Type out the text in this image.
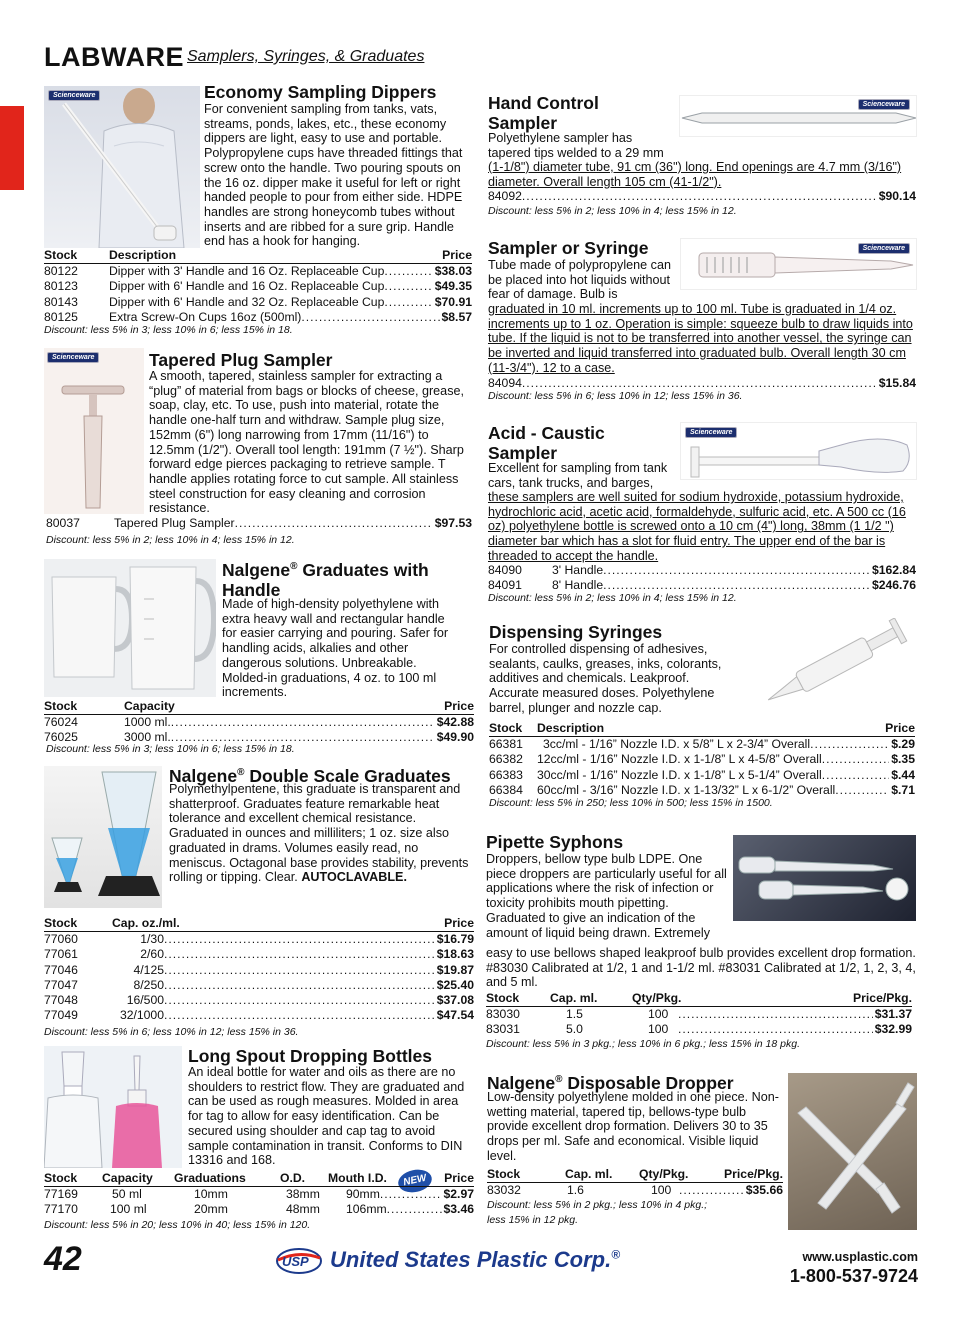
LABWARE Samplers, Syringes, & Graduates
Scienceware	Economy Sampling Dippers

For convenient sampling from tanks, vats, streams, ponds, lakes, etc., these economy dippers are light, easy to use and portable. Polypropylene cups have threaded fittings that screw onto the handle. Two pouring spouts on the 16 oz. dipper make it useful for left or right handed people to pour from either side. HDPE handles are strong honeycomb tubes without inserts and are ribbed for a sure grip. Handle end has a hook for hanging.

Stock	Description	Price
80122	Dipper with 3' Handle and 16 Oz. Replaceable Cup .....	$38.03
80123	Dipper with 6' Handle and 16 Oz. Replaceable Cup .....	$49.35
80143	Dipper with 6' Handle and 32 Oz. Replaceable Cup .....	$70.91
80125	Extra Screw-On Cups 16oz (500ml) .....	$8.57
Discount: less 5% in 3; less 10% in 6; less 15% in 18.
Scienceware	Tapered Plug Sampler

A smooth, tapered, stainless sampler for extracting a “plug” of material from bags or blocks of cheese, grease, soap, clay, etc. To use, push into material, rotate the handle one-half turn and withdraw. Sample plug size, 152mm (6") long narrowing from 17mm (11/16") to 12.5mm (1/2"). Overall tool length: 191mm (7 ½"). Sharp forward edge pierces packaging to retrieve sample. T handle applies rotating force to cut sample. All stainless steel construction for easy cleaning and corrosion resistance.

80037	Tapered Plug Sampler .....	$97.53
Discount: less 5% in 2; less 10% in 4; less 15% in 12.
Nalgene® Graduates with Handle

Made of high-density polyethylene with extra heavy wall and rectangular handle for easier carrying and pouring. Safer for handling acids, alkalies and other dangerous solutions. Unbreakable. Molded-in graduations, 4 oz. to 100 ml increments.

Stock	Capacity	Price
76024	1000 ml. .....	$42.88
76025	3000 ml. .....	$49.90
Discount: less 5% in 3; less 10% in 6; less 15% in 18.
Nalgene® Double Scale Graduates

Polymethylpentene, this graduate is transparent and shatterproof. Graduates feature remarkable heat tolerance and excellent chemical resistance. Graduated in ounces and milliliters; 1 oz. size also graduated in drams. Volumes easily read, no meniscus. Octagonal base provides stability, prevents rolling or tipping. Clear. AUTOCLAVABLE.

Stock	Cap. oz./ml.	Price
77060	1/30 .....	$16.79
77061	2/60 .....	$18.63
77046	4/125 .....	$19.87
77047	8/250 .....	$25.40
77048	16/500 .....	$37.08
77049	32/1000 .....	$47.54
Discount: less 5% in 6; less 10% in 12; less 15% in 36.
Long Spout Dropping Bottles

An ideal bottle for water and oils as there are no shoulders to restrict flow. They are graduated and can be used as rough measures. Molded in area for tag to allow for easy identification. Can be secured using shoulder and cap tag to avoid sample contamination in transit. Conforms to DIN 13316 and 168.

NEW
Stock	Capacity	Graduations	O.D.	Mouth I.D.	Price
77169	50 ml	10mm	38mm	90mm .....	$2.97
77170	100 ml	20mm	48mm	106mm .....	$3.46
Discount: less 5% in 20; less 10% in 40; less 15% in 120.
Hand Control
Sampler
Scienceware

Polyethylene sampler has tapered tips welded to a 29 mm

(1-1/8") diameter tube, 91 cm (36") long. End openings are 4.7 mm (3/16") diameter. Overall length 105 cm (41-1/2").

84092 .....	$90.14
Discount: less 5% in 2; less 10% in 4; less 15% in 12.
Sampler or Syringe	Scienceware

Tube made of polypropylene can be placed into hot liquids without fear of damage. Bulb is

graduated in 10 ml. increments up to 100 ml. Tube is graduated in 1/4 oz. increments up to 1 oz. Operation is simple: squeeze bulb to draw liquids into tube. If the liquid is not to be transferred into another vessel, the syringe can be inverted and liquid transferred into graduated bulb. Overall length 30 cm (11-3/4"). 12 to a case.

84094 .....	$15.84
Discount: less 5% in 6; less 10% in 12; less 15% in 36.
Acid - Caustic
Sampler
Scienceware

Excellent for sampling from tank cars, tank trucks, and barges,

these samplers are well suited for sodium hydroxide, potassium hydroxide, hydrochloric acid, acetic acid, formaldehyde, sulfuric acid, etc. A 500 cc (16 oz) polyethylene bottle is screwed onto a 10 cm (4") long, 38mm (1 1/2 ") diameter bar which has a slot for fluid entry. The upper end of the bar is threaded to accept the handle.

84090	3' Handle .....	$162.84
84091	8' Handle .....	$246.76
Discount: less 5% in 2; less 10% in 4; less 15% in 12.
Dispensing Syringes

For controlled dispensing of adhesives, sealants, caulks, greases, inks, colorants, additives and chemicals. Leakproof. Accurate measured doses. Polyethylene barrel, plunger and nozzle cap.

Stock	Description	Price
66381	3cc/ml - 1/16” Nozzle I.D. x 5/8” L x 2-3/4” Overall .....	$.29
66382	12cc/ml - 1/16” Nozzle I.D. x 1-1/8” L x 4-5/8” Overall .....	$.35
66383	30cc/ml - 1/16” Nozzle I.D. x 1-1/8” L x 5-1/4” Overall .....	$.44
66384	60cc/ml - 3/16” Nozzle I.D. x 1-13/32” L x 6-1/2” Overall .....	$.71
Discount: less 5% in 250; less 10% in 500; less 15% in 1500.
Pipette Syphons

Droppers, bellow type bulb LDPE. One piece droppers are particularly useful for all applications where the risk of infection or toxicity prohibits mouth pipetting. Graduated to give an indication of the amount of liquid being drawn. Extremely

easy to use bellows shaped leakproof bulb provides excellent drop formation. #83030 Calibrated at 1/2, 1 and 1-1/2 ml. #83031 Calibrated at 1/2, 1, 2, 3, 4, and 5 ml.

Stock	Cap. ml.	Qty/Pkg.	Price/Pkg.
83030	1.5	100 .....	$31.37
83031	5.0	100 .....	$32.99
Discount: less 5% in 3 pkg.; less 10% in 6 pkg.; less 15% in 18 pkg.
Nalgene® Disposable Dropper

Low-density polyethylene molded in one piece. Non-wetting material, tapered tip, bellows-type bulb provide excellent drop formation. Delivers 30 to 35 drops per ml. Safe and economical. Visible liquid level.

Stock	Cap. ml.	Qty/Pkg.	Price/Pkg.
83032	1.6	100 .....	$35.66
Discount: less 5% in 2 pkg.; less 10% in 4 pkg.;
less 15% in 12 pkg.
42	USP United States Plastic Corp.®	www.usplastic.com
1-800-537-9724
